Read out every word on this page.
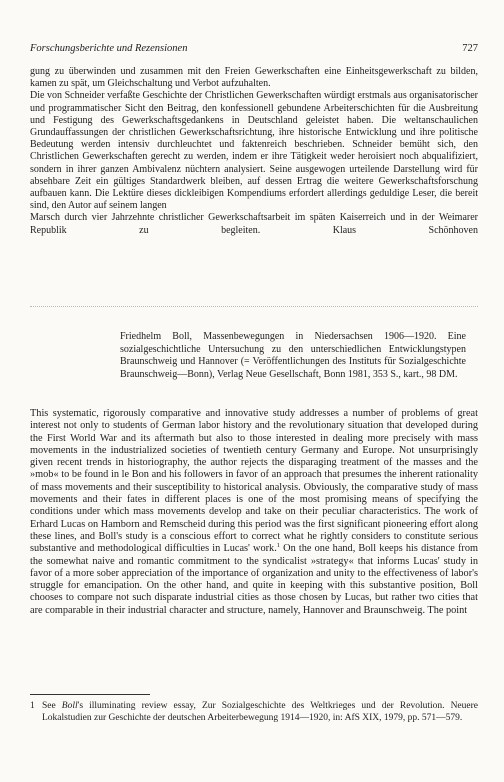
Forschungsberichte und Rezensionen	727

gung zu überwinden und zusammen mit den Freien Gewerkschaften eine Einheitsgewerkschaft zu bilden, kamen zu spät, um Gleichschaltung und Verbot aufzuhalten.

Die von Schneider verfaßte Geschichte der Christlichen Gewerkschaften würdigt erstmals aus organisatorischer und programmatischer Sicht den Beitrag, den konfessionell gebundene Arbeiterschichten für die Ausbreitung und Festigung des Gewerkschaftsgedankens in Deutschland geleistet haben. Die weltanschaulichen Grundauffassungen der christlichen Gewerkschaftsrichtung, ihre historische Entwicklung und ihre politische Bedeutung werden intensiv durchleuchtet und faktenreich beschrieben. Schneider bemüht sich, den Christlichen Gewerkschaften gerecht zu werden, indem er ihre Tätigkeit weder heroisiert noch abqualifiziert, sondern in ihrer ganzen Ambivalenz nüchtern analysiert. Seine ausgewogen urteilende Darstellung wird für absehbare Zeit ein gültiges Standardwerk bleiben, auf dessen Ertrag die weitere Gewerkschaftsforschung aufbauen kann. Die Lektüre dieses dickleibigen Kompendiums erfordert allerdings geduldige Leser, die bereit sind, den Autor auf seinem langen

Marsch durch vier Jahrzehnte christlicher Gewerkschaftsarbeit im späten Kaiserreich und in der Weimarer Republik zu begleiten.	Klaus Schönhoven

Friedhelm Boll, Massenbewegungen in Niedersachsen 1906—1920. Eine sozialgeschichtliche Untersuchung zu den unterschiedlichen Entwicklungstypen Braunschweig und Hannover (= Veröffentlichungen des Instituts für Sozialgeschichte Braunschweig—Bonn), Verlag Neue Gesellschaft, Bonn 1981, 353 S., kart., 98 DM.

This systematic, rigorously comparative and innovative study addresses a number of problems of great interest not only to students of German labor history and the revolutionary situation that developed during the First World War and its aftermath but also to those interested in dealing more precisely with mass movements in the industrialized societies of twentieth century Germany and Europe. Not unsurprisingly given recent trends in historiography, the author rejects the disparaging treatment of the masses and the »mob« to be found in le Bon and his followers in favor of an approach that presumes the inherent rationality of mass movements and their susceptibility to historical analysis. Obviously, the comparative study of mass movements and their fates in different places is one of the most promising means of specifying the conditions under which mass movements develop and take on their peculiar characteristics. The work of Erhard Lucas on Hamborn and Remscheid during this period was the first significant pioneering effort along these lines, and Boll's study is a conscious effort to correct what he rightly considers to constitute serious substantive and methodological difficulties in Lucas' work.$^1$ On the one hand, Boll keeps his distance from the somewhat naive and romantic commitment to the syndicalist »strategy« that informs Lucas' study in favor of a more sober appreciation of the importance of organization and unity to the effectiveness of labor's struggle for emancipation. On the other hand, and quite in keeping with this substantive position, Boll chooses to compare not such disparate industrial cities as those chosen by Lucas, but rather two cities that are comparable in their industrial character and structure, namely, Hannover and Braunschweig. The point

1 See Boll's illuminating review essay, Zur Sozialgeschichte des Weltkrieges und der Revolution. Neuere Lokalstudien zur Geschichte der deutschen Arbeiterbewegung 1914—1920, in: AfS XIX, 1979, pp. 571—579.
